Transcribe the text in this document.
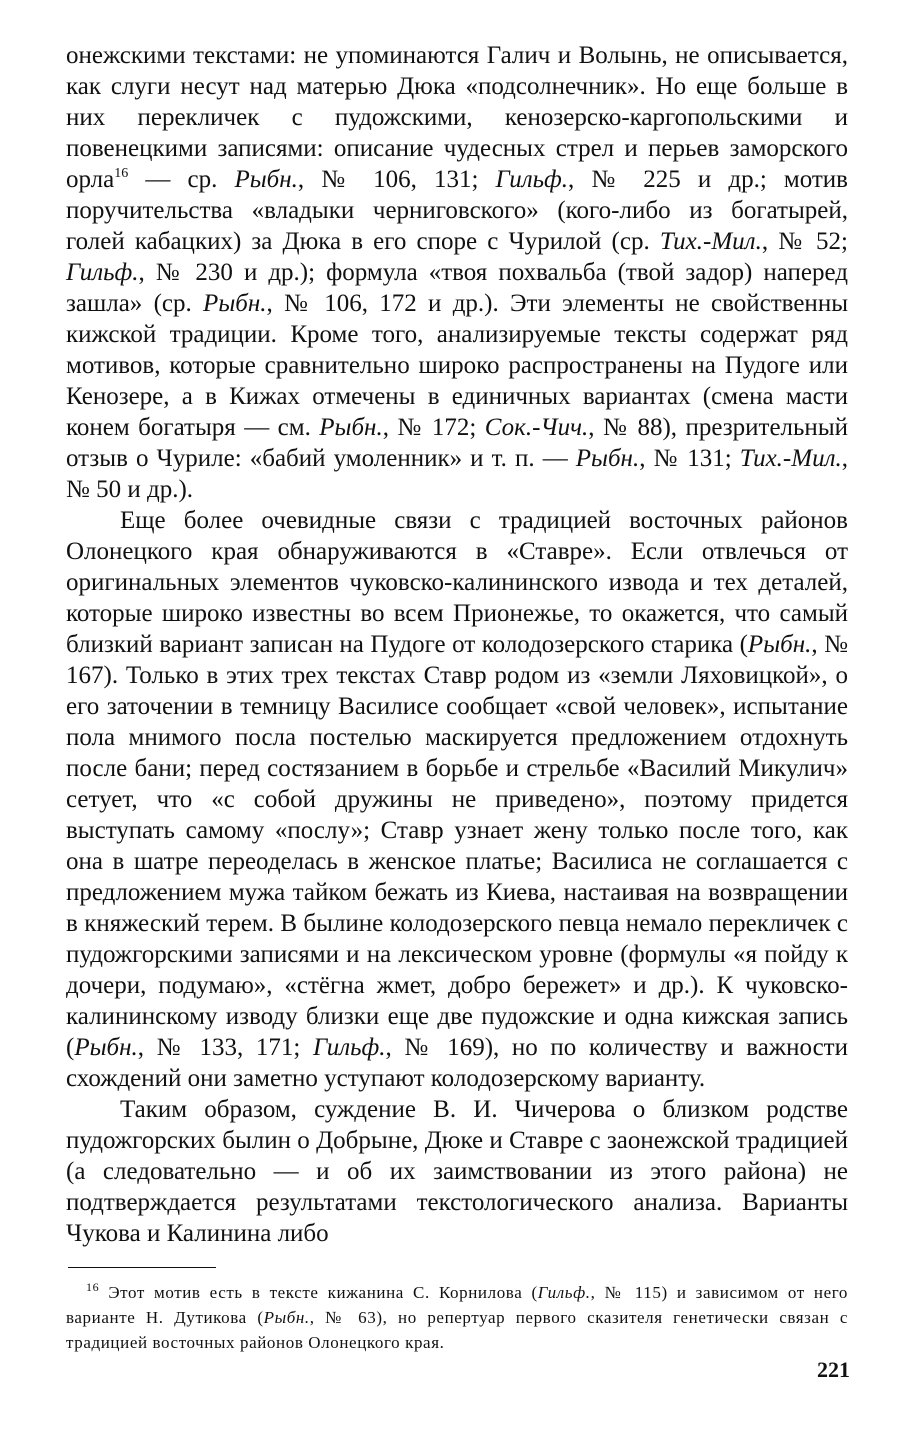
онежскими текстами: не упоминаются Галич и Волынь, не описывается, как слуги несут над матерью Дюка «подсолнечник». Но еще больше в них перекличек с пудожскими, кенозерско-каргопольскими и повенецкими записями: описание чудесных стрел и перьев заморского орла$^{16}$ — ср. Рыбн., № 106, 131; Гильф., № 225 и др.; мотив поручительства «владыки черниговского» (кого-либо из богатырей, голей кабацких) за Дюка в его споре с Чурилой (ср. Тих.-Мил., № 52; Гильф., № 230 и др.); формула «твоя похвальба (твой задор) наперед зашла» (ср. Рыбн., № 106, 172 и др.). Эти элементы не свойственны кижской традиции. Кроме того, анализируемые тексты содержат ряд мотивов, которые сравнительно широко распространены на Пудоге или Кенозере, а в Кижах отмечены в единичных вариантах (смена масти конем богатыря — см. Рыбн., № 172; Сок.-Чич., № 88), презрительный отзыв о Чуриле: «бабий умоленник» и т. п. — Рыбн., № 131; Тих.-Мил., № 50 и др.).

Еще более очевидные связи с традицией восточных районов Олонецкого края обнаруживаются в «Ставре». Если отвлечься от оригинальных элементов чуковско-калининского извода и тех деталей, которые широко известны во всем Прионежье, то окажется, что самый близкий вариант записан на Пудоге от колодозерского старика (Рыбн., № 167). Только в этих трех текстах Ставр родом из «земли Ляховицкой», о его заточении в темницу Василисе сообщает «свой человек», испытание пола мнимого посла постелью маскируется предложением отдохнуть после бани; перед состязанием в борьбе и стрельбе «Василий Микулич» сетует, что «с собой дружины не приведено», поэтому придется выступать самому «послу»; Ставр узнает жену только после того, как она в шатре переоделась в женское платье; Василиса не соглашается с предложением мужа тайком бежать из Киева, настаивая на возвращении в княжеский терем. В былине колодозерского певца немало перекличек с пудожгорскими записями и на лексическом уровне (формулы «я пойду к дочери, подумаю», «стёгна жмет, добро бережет» и др.). К чуковско-калининскому изводу близки еще две пудожские и одна кижская запись (Рыбн., № 133, 171; Гильф., № 169), но по количеству и важности схождений они заметно уступают колодозерскому варианту.

Таким образом, суждение В. И. Чичерова о близком родстве пудожгорских былин о Добрыне, Дюке и Ставре с заонежской традицией (а следовательно — и об их заимствовании из этого района) не подтверждается результатами текстологического анализа. Варианты Чукова и Калинина либо

$^{16}$ Этот мотив есть в тексте кижанина С. Корнилова (Гильф., № 115) и зависимом от него варианте Н. Дутикова (Рыбн., № 63), но репертуар первого сказителя генетически связан с традицией восточных районов Олонецкого края.

221
